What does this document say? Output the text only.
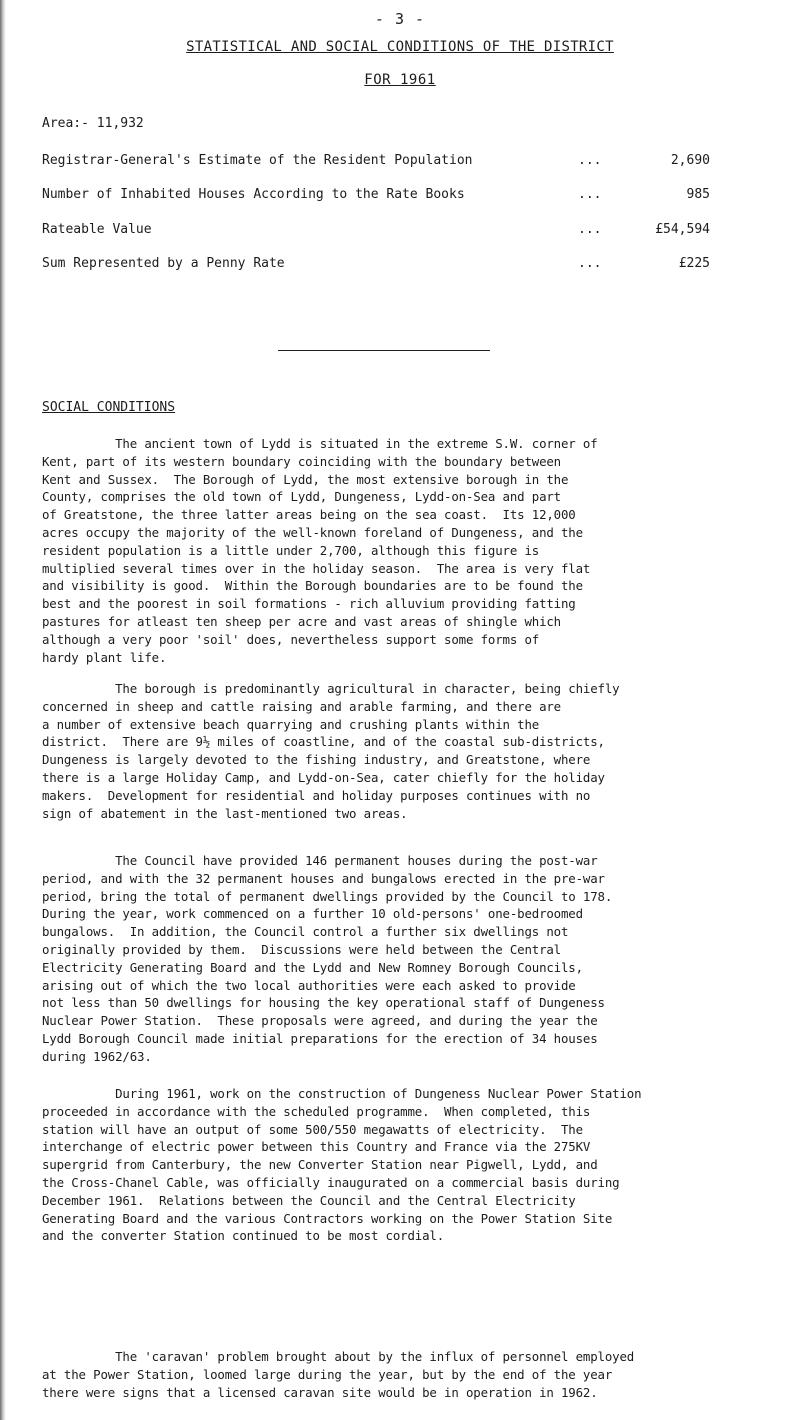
- 3 -
STATISTICAL AND SOCIAL CONDITIONS OF THE DISTRICT
FOR 1961
Area:- 11,932
Registrar-General's Estimate of the Resident Population	...	2,690
Number of Inhabited Houses According to the Rate Books	...	985
Rateable Value	...	£54,594
Sum Represented by a Penny Rate	...	£225
SOCIAL CONDITIONS
The ancient town of Lydd is situated in the extreme S.W. corner of
Kent, part of its western boundary coinciding with the boundary between
Kent and Sussex.  The Borough of Lydd, the most extensive borough in the
County, comprises the old town of Lydd, Dungeness, Lydd-on-Sea and part
of Greatstone, the three latter areas being on the sea coast.  Its 12,000
acres occupy the majority of the well-known foreland of Dungeness, and the
resident population is a little under 2,700, although this figure is
multiplied several times over in the holiday season.  The area is very flat
and visibility is good.  Within the Borough boundaries are to be found the
best and the poorest in soil formations - rich alluvium providing fatting
pastures for atleast ten sheep per acre and vast areas of shingle which
although a very poor 'soil' does, nevertheless support some forms of
hardy plant life.
The borough is predominantly agricultural in character, being chiefly
concerned in sheep and cattle raising and arable farming, and there are
a number of extensive beach quarrying and crushing plants within the
district.  There are 9½ miles of coastline, and of the coastal sub-districts,
Dungeness is largely devoted to the fishing industry, and Greatstone, where
there is a large Holiday Camp, and Lydd-on-Sea, cater chiefly for the holiday
makers.  Development for residential and holiday purposes continues with no
sign of abatement in the last-mentioned two areas.
The Council have provided 146 permanent houses during the post-war
period, and with the 32 permanent houses and bungalows erected in the pre-war
period, bring the total of permanent dwellings provided by the Council to 178.
During the year, work commenced on a further 10 old-persons' one-bedroomed
bungalows.  In addition, the Council control a further six dwellings not
originally provided by them.  Discussions were held between the Central
Electricity Generating Board and the Lydd and New Romney Borough Councils,
arising out of which the two local authorities were each asked to provide
not less than 50 dwellings for housing the key operational staff of Dungeness
Nuclear Power Station.  These proposals were agreed, and during the year the
Lydd Borough Council made initial preparations for the erection of 34 houses
during 1962/63.
During 1961, work on the construction of Dungeness Nuclear Power Station
proceeded in accordance with the scheduled programme.  When completed, this
station will have an output of some 500/550 megawatts of electricity.  The
interchange of electric power between this Country and France via the 275KV
supergrid from Canterbury, the new Converter Station near Pigwell, Lydd, and
the Cross-Chanel Cable, was officially inaugurated on a commercial basis during
December 1961.  Relations between the Council and the Central Electricity
Generating Board and the various Contractors working on the Power Station Site
and the converter Station continued to be most cordial.
The 'caravan' problem brought about by the influx of personnel employed
at the Power Station, loomed large during the year, but by the end of the year
there were signs that a licensed caravan site would be in operation in 1962.
